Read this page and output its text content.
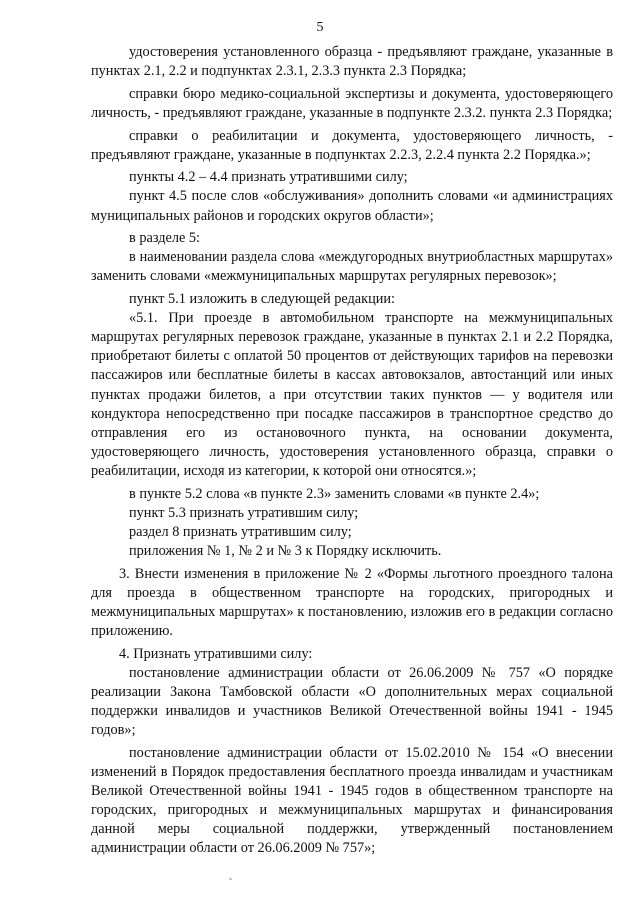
5

удостоверения установленного образца - предъявляют граждане, указанные в пунктах 2.1, 2.2 и подпунктах 2.3.1, 2.3.3 пункта 2.3 Порядка;

справки бюро медико-социальной экспертизы и документа, удостоверяющего личность, - предъявляют граждане, указанные в подпункте 2.3.2. пункта 2.3 Порядка;

справки о реабилитации и документа, удостоверяющего личность, - предъявляют граждане, указанные в подпунктах 2.2.3, 2.2.4 пункта 2.2 Порядка.»;

пункты 4.2 – 4.4 признать утратившими силу;

пункт 4.5 после слов «обслуживания» дополнить словами «и администрациях муниципальных районов и городских округов области»;

в разделе 5:

в наименовании раздела слова «междугородных внутриобластных маршрутах» заменить словами «межмуниципальных маршрутах регулярных перевозок»;

пункт 5.1 изложить в следующей редакции:

«5.1. При проезде в автомобильном транспорте на межмуниципальных маршрутах регулярных перевозок граждане, указанные в пунктах 2.1 и 2.2 Порядка, приобретают билеты с оплатой 50 процентов от действующих тарифов на перевозки пассажиров или бесплатные билеты в кассах автовокзалов, автостанций или иных пунктах продажи билетов, а при отсутствии таких пунктов — у водителя или кондуктора непосредственно при посадке пассажиров в транспортное средство до отправления его из остановочного пункта, на основании документа, удостоверяющего личность, удостоверения установленного образца, справки о реабилитации, исходя из категории, к которой они относятся.»;

в пункте 5.2 слова «в пункте 2.3» заменить словами «в пункте 2.4»;

пункт 5.3 признать утратившим силу;

раздел 8 признать утратившим силу;

приложения № 1, № 2 и № 3 к Порядку исключить.

3. Внести изменения в приложение № 2 «Формы льготного проездного талона для проезда в общественном транспорте на городских, пригородных и межмуниципальных маршрутах» к постановлению, изложив его в редакции согласно приложению.

4. Признать утратившими силу:

постановление администрации области от 26.06.2009 № 757 «О порядке реализации Закона Тамбовской области «О дополнительных мерах социальной поддержки инвалидов и участников Великой Отечественной войны 1941 - 1945 годов»;

постановление администрации области от 15.02.2010 № 154 «О внесении изменений в Порядок предоставления бесплатного проезда инвалидам и участникам Великой Отечественной войны 1941 - 1945 годов в общественном транспорте на городских, пригородных и межмуниципальных маршрутах и финансирования данной меры социальной поддержки, утвержденный постановлением администрации области от 26.06.2009 № 757»;
